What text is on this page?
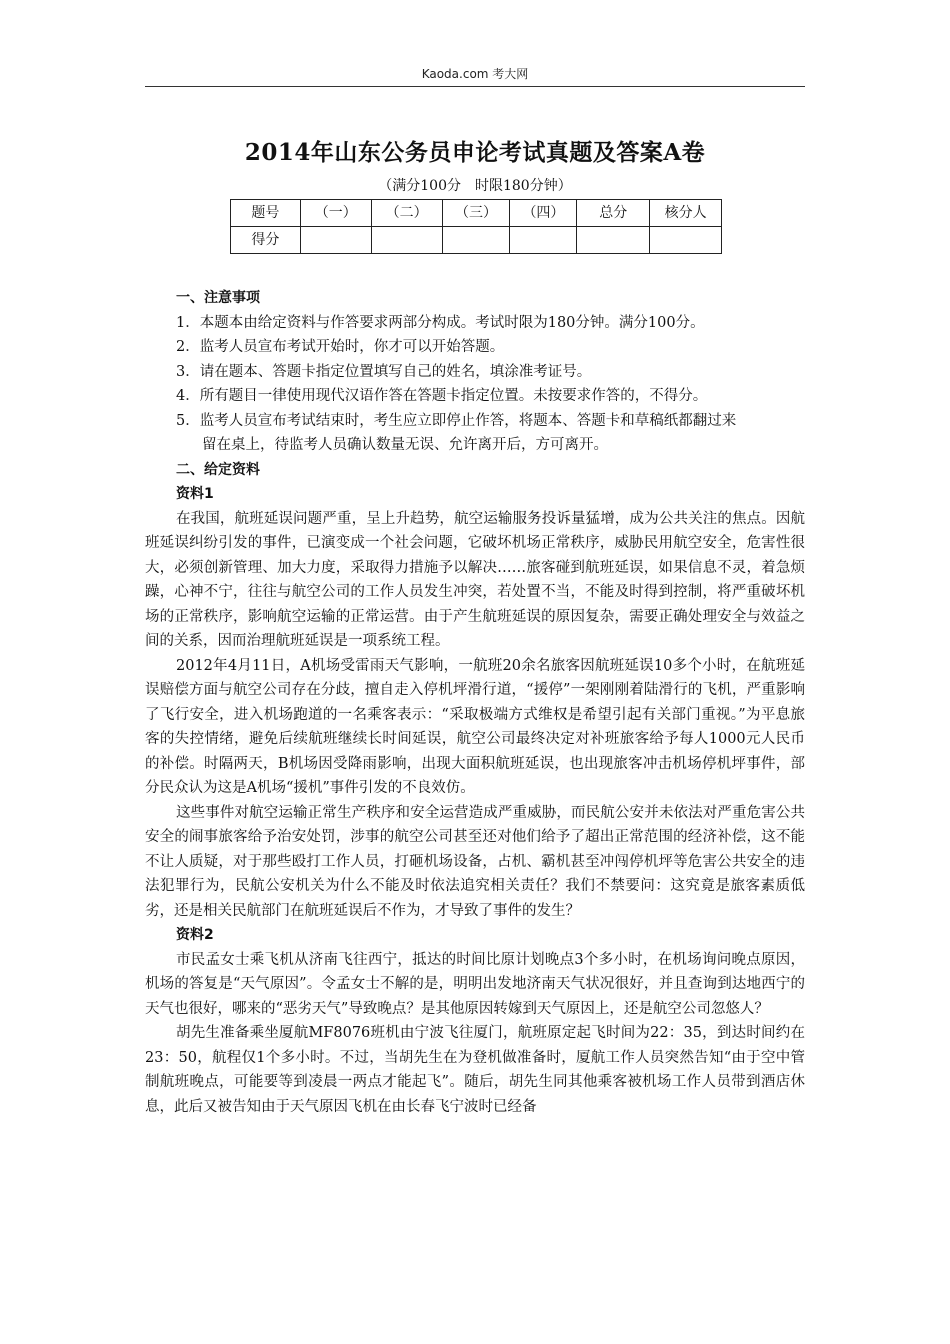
Kaoda.com 考大网
2014年山东公务员申论考试真题及答案A卷
（满分100分　时限180分钟）
题号	（一）	（二）	（三）	（四）	总分	核分人
得分						

一、注意事项

1．本题本由给定资料与作答要求两部分构成。考试时限为180分钟。满分100分。

2．监考人员宣布考试开始时，你才可以开始答题。

3．请在题本、答题卡指定位置填写自己的姓名，填涂准考证号。

4．所有题目一律使用现代汉语作答在答题卡指定位置。未按要求作答的，不得分。

5．监考人员宣布考试结束时，考生应立即停止作答，将题本、答题卡和草稿纸都翻过来

留在桌上，待监考人员确认数量无误、允许离开后，方可离开。

二、给定资料

资料1

在我国，航班延误问题严重，呈上升趋势，航空运输服务投诉量猛增，成为公共关注的焦点。因航班延误纠纷引发的事件，已演变成一个社会问题，它破坏机场正常秩序，威胁民用航空安全，危害性很大，必须创新管理、加大力度，采取得力措施予以解决……旅客碰到航班延误，如果信息不灵，着急烦躁，心神不宁，往往与航空公司的工作人员发生冲突，若处置不当，不能及时得到控制，将严重破坏机场的正常秩序，影响航空运输的正常运营。由于产生航班延误的原因复杂，需要正确处理安全与效益之间的关系，因而治理航班延误是一项系统工程。

2012年4月11日，A机场受雷雨天气影响，一航班20余名旅客因航班延误10多个小时，在航班延误赔偿方面与航空公司存在分歧，擅自走入停机坪滑行道，“援停”一架刚刚着陆滑行的飞机，严重影响了飞行安全，进入机场跑道的一名乘客表示：“采取极端方式维权是希望引起有关部门重视。”为平息旅客的失控情绪，避免后续航班继续长时间延误，航空公司最终决定对补班旅客给予每人1000元人民币的补偿。时隔两天，B机场因受降雨影响，出现大面积航班延误，也出现旅客冲击机场停机坪事件，部分民众认为这是A机场“援机”事件引发的不良效仿。

这些事件对航空运输正常生产秩序和安全运营造成严重威胁，而民航公安并未依法对严重危害公共安全的闹事旅客给予治安处罚，涉事的航空公司甚至还对他们给予了超出正常范围的经济补偿，这不能不让人质疑，对于那些殴打工作人员，打砸机场设备，占机、霸机甚至冲闯停机坪等危害公共安全的违法犯罪行为，民航公安机关为什么不能及时依法追究相关责任？我们不禁要问：这究竟是旅客素质低劣，还是相关民航部门在航班延误后不作为，才导致了事件的发生？

资料2

市民孟女士乘飞机从济南飞往西宁，抵达的时间比原计划晚点3个多小时，在机场询问晚点原因，机场的答复是“天气原因”。令孟女士不解的是，明明出发地济南天气状况很好，并且查询到达地西宁的天气也很好，哪来的“恶劣天气”导致晚点？是其他原因转嫁到天气原因上，还是航空公司忽悠人？

胡先生准备乘坐厦航MF8076班机由宁波飞往厦门，航班原定起飞时间为22：35，到达时间约在23：50，航程仅1个多小时。不过，当胡先生在为登机做准备时，厦航工作人员突然告知“由于空中管制航班晚点，可能要等到凌晨一两点才能起飞”。随后，胡先生同其他乘客被机场工作人员带到酒店休息，此后又被告知由于天气原因飞机在由长春飞宁波时已经备
